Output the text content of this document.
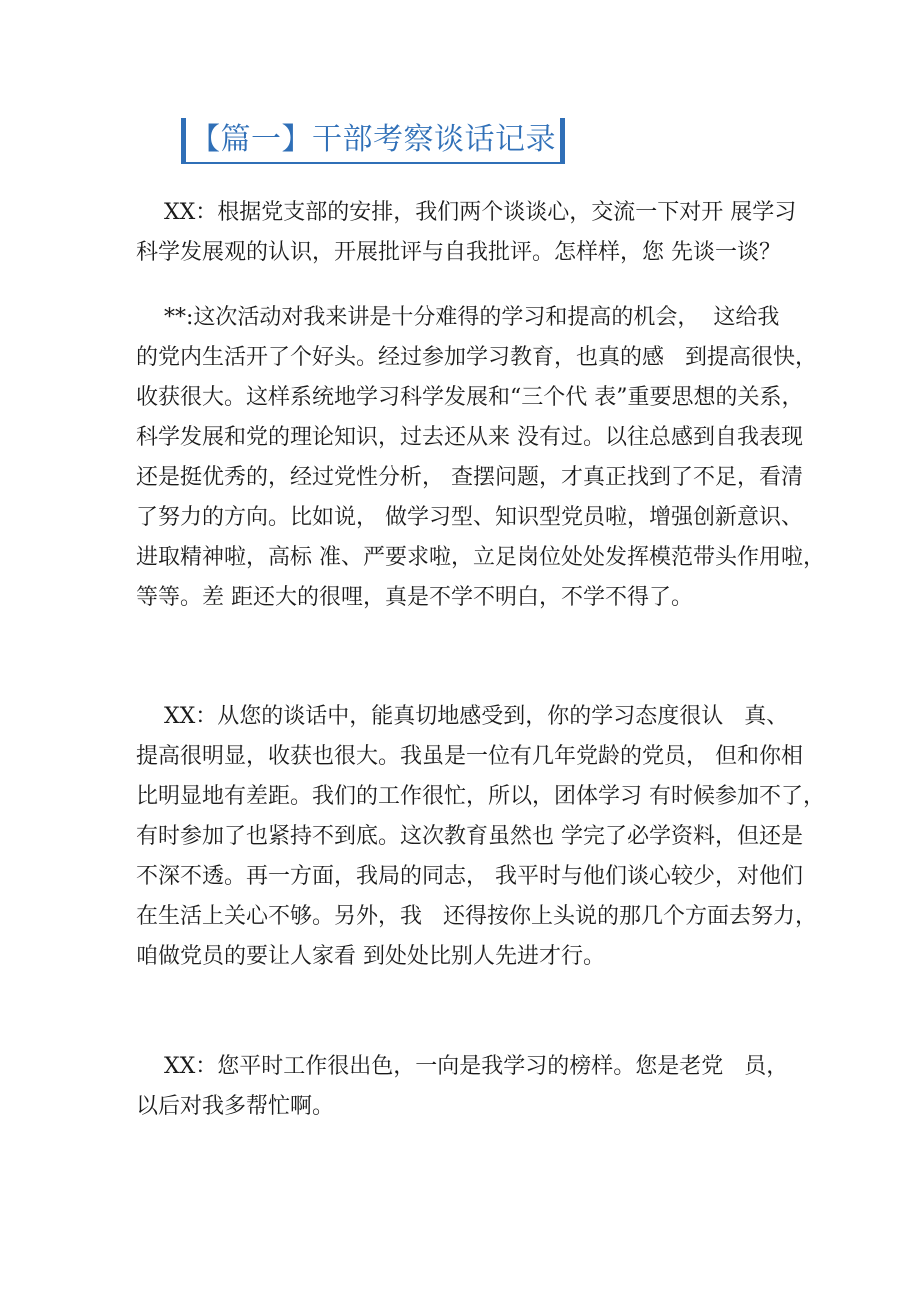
【篇一】干部考察谈话记录
XX：根据党支部的安排，我们两个谈谈心，交流一下对开 展学习
科学发展观的认识，开展批评与自我批评。怎样样，您 先谈一谈？
**:这次活动对我来讲是十分难得的学习和提高的机会，  这给我
的党内生活开了个好头。经过参加学习教育，也真的感   到提高很快，
收获很大。这样系统地学习科学发展和“三个代 表”重要思想的关系，
科学发展和党的理论知识，过去还从来 没有过。以往总感到自我表现
还是挺优秀的，经过党性分析， 查摆问题，才真正找到了不足，看清
了努力的方向。比如说， 做学习型、知识型党员啦，增强创新意识、
进取精神啦，高标 准、严要求啦，立足岗位处处发挥模范带头作用啦，
等等。差 距还大的很哩，真是不学不明白，不学不得了。
XX：从您的谈话中，能真切地感受到，你的学习态度很认   真、
提高很明显，收获也很大。我虽是一位有几年党龄的党员， 但和你相
比明显地有差距。我们的工作很忙，所以，团体学习 有时候参加不了，
有时参加了也紧持不到底。这次教育虽然也 学完了必学资料，但还是
不深不透。再一方面，我局的同志， 我平时与他们谈心较少，对他们
在生活上关心不够。另外，我   还得按你上头说的那几个方面去努力，
咱做党员的要让人家看 到处处比别人先进才行。
XX：您平时工作很出色，一向是我学习的榜样。您是老党   员，
以后对我多帮忙啊。
